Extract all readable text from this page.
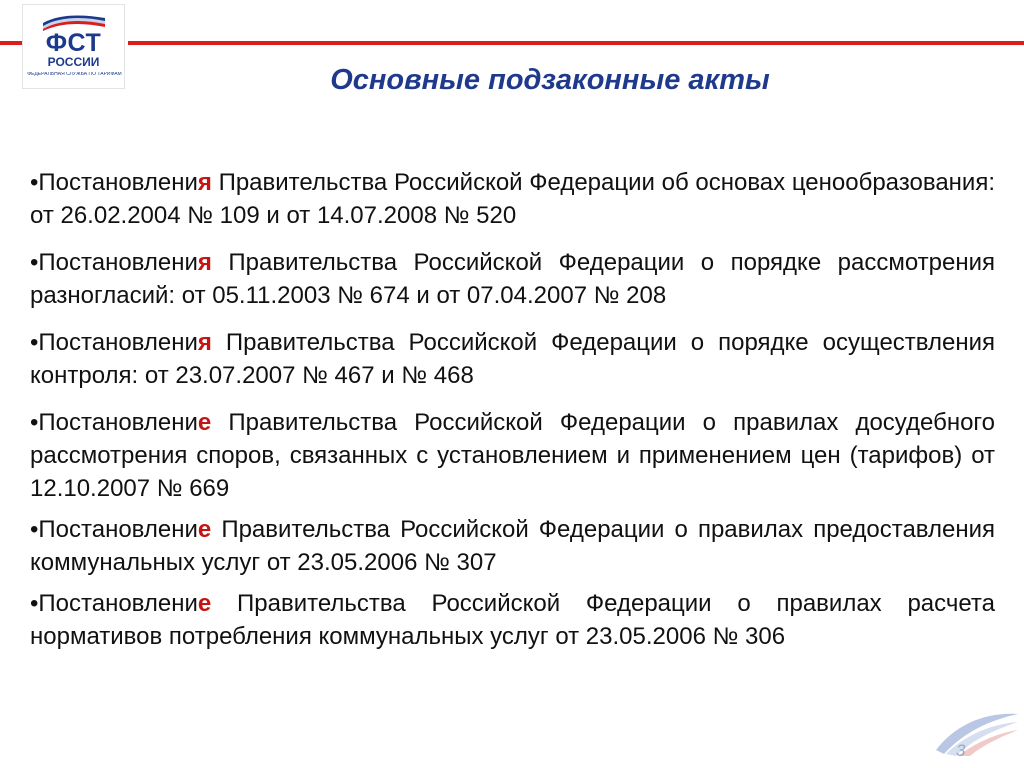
ФСТ
РОССИИ
ФЕДЕРАЛЬНАЯ СЛУЖБА ПО ТАРИФАМ	Основные подзаконные акты
•Постановления Правительства Российской Федерации об основах ценообразования: от 26.02.2004 № 109 и от 14.07.2008 № 520
•Постановления Правительства Российской Федерации о порядке рассмотрения разногласий: от 05.11.2003 № 674 и от 07.04.2007 № 208
•Постановления Правительства Российской Федерации о порядке осуществления контроля: от 23.07.2007 № 467 и № 468
•Постановление Правительства Российской Федерации о правилах досудебного рассмотрения споров, связанных с установлением и применением цен (тарифов) от 12.10.2007 № 669
•Постановление Правительства Российской Федерации о правилах предоставления коммунальных услуг от 23.05.2006 № 307
•Постановление Правительства Российской Федерации о правилах расчета нормативов потребления коммунальных услуг от 23.05.2006 № 306
3
